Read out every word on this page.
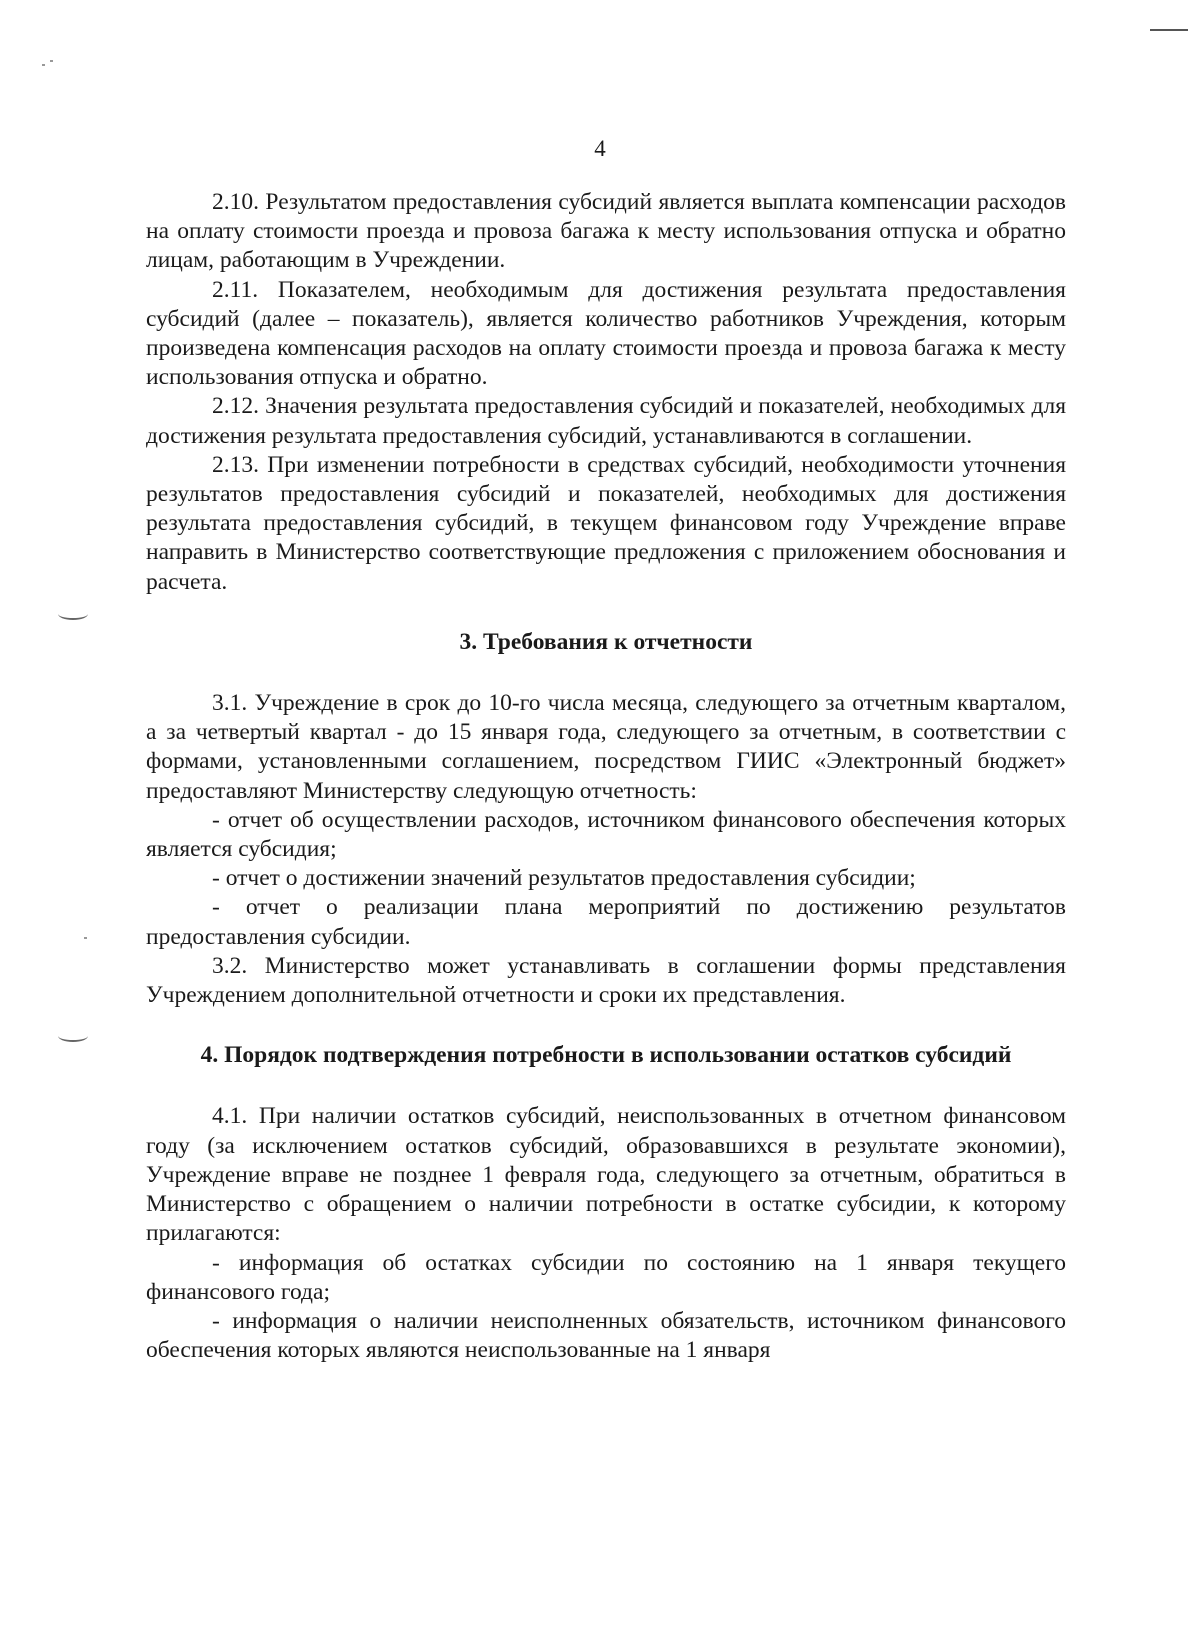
4

2.10. Результатом предоставления субсидий является выплата компенсации расходов на оплату стоимости проезда и провоза багажа к месту использования отпуска и обратно лицам, работающим в Учреждении.

2.11. Показателем, необходимым для достижения результата предоставления субсидий (далее – показатель), является количество работников Учреждения, которым произведена компенсация расходов на оплату стоимости проезда и провоза багажа к месту использования отпуска и обратно.

2.12. Значения результата предоставления субсидий и показателей, необходимых для достижения результата предоставления субсидий, устанавливаются в соглашении.

2.13. При изменении потребности в средствах субсидий, необходимости уточнения результатов предоставления субсидий и показателей, необходимых для достижения результата предоставления субсидий, в текущем финансовом году Учреждение вправе направить в Министерство соответствующие предложения с приложением обоснования и расчета.

3. Требования к отчетности

3.1. Учреждение в срок до 10-го числа месяца, следующего за отчетным кварталом, а за четвертый квартал - до 15 января года, следующего за отчетным, в соответствии с формами, установленными соглашением, посредством ГИИС «Электронный бюджет» предоставляют Министерству следующую отчетность:

- отчет об осуществлении расходов, источником финансового обеспечения которых является субсидия;

- отчет о достижении значений результатов предоставления субсидии;

- отчет о реализации плана мероприятий по достижению результатов предоставления субсидии.

3.2. Министерство может устанавливать в соглашении формы представления Учреждением дополнительной отчетности и сроки их представления.

4. Порядок подтверждения потребности в использовании остатков субсидий

4.1. При наличии остатков субсидий, неиспользованных в отчетном финансовом году (за исключением остатков субсидий, образовавшихся в результате экономии), Учреждение вправе не позднее 1 февраля года, следующего за отчетным, обратиться в Министерство с обращением о наличии потребности в остатке субсидии, к которому прилагаются:

- информация об остатках субсидии по состоянию на 1 января текущего финансового года;

- информация о наличии неисполненных обязательств, источником финансового обеспечения которых являются неиспользованные на 1 января
